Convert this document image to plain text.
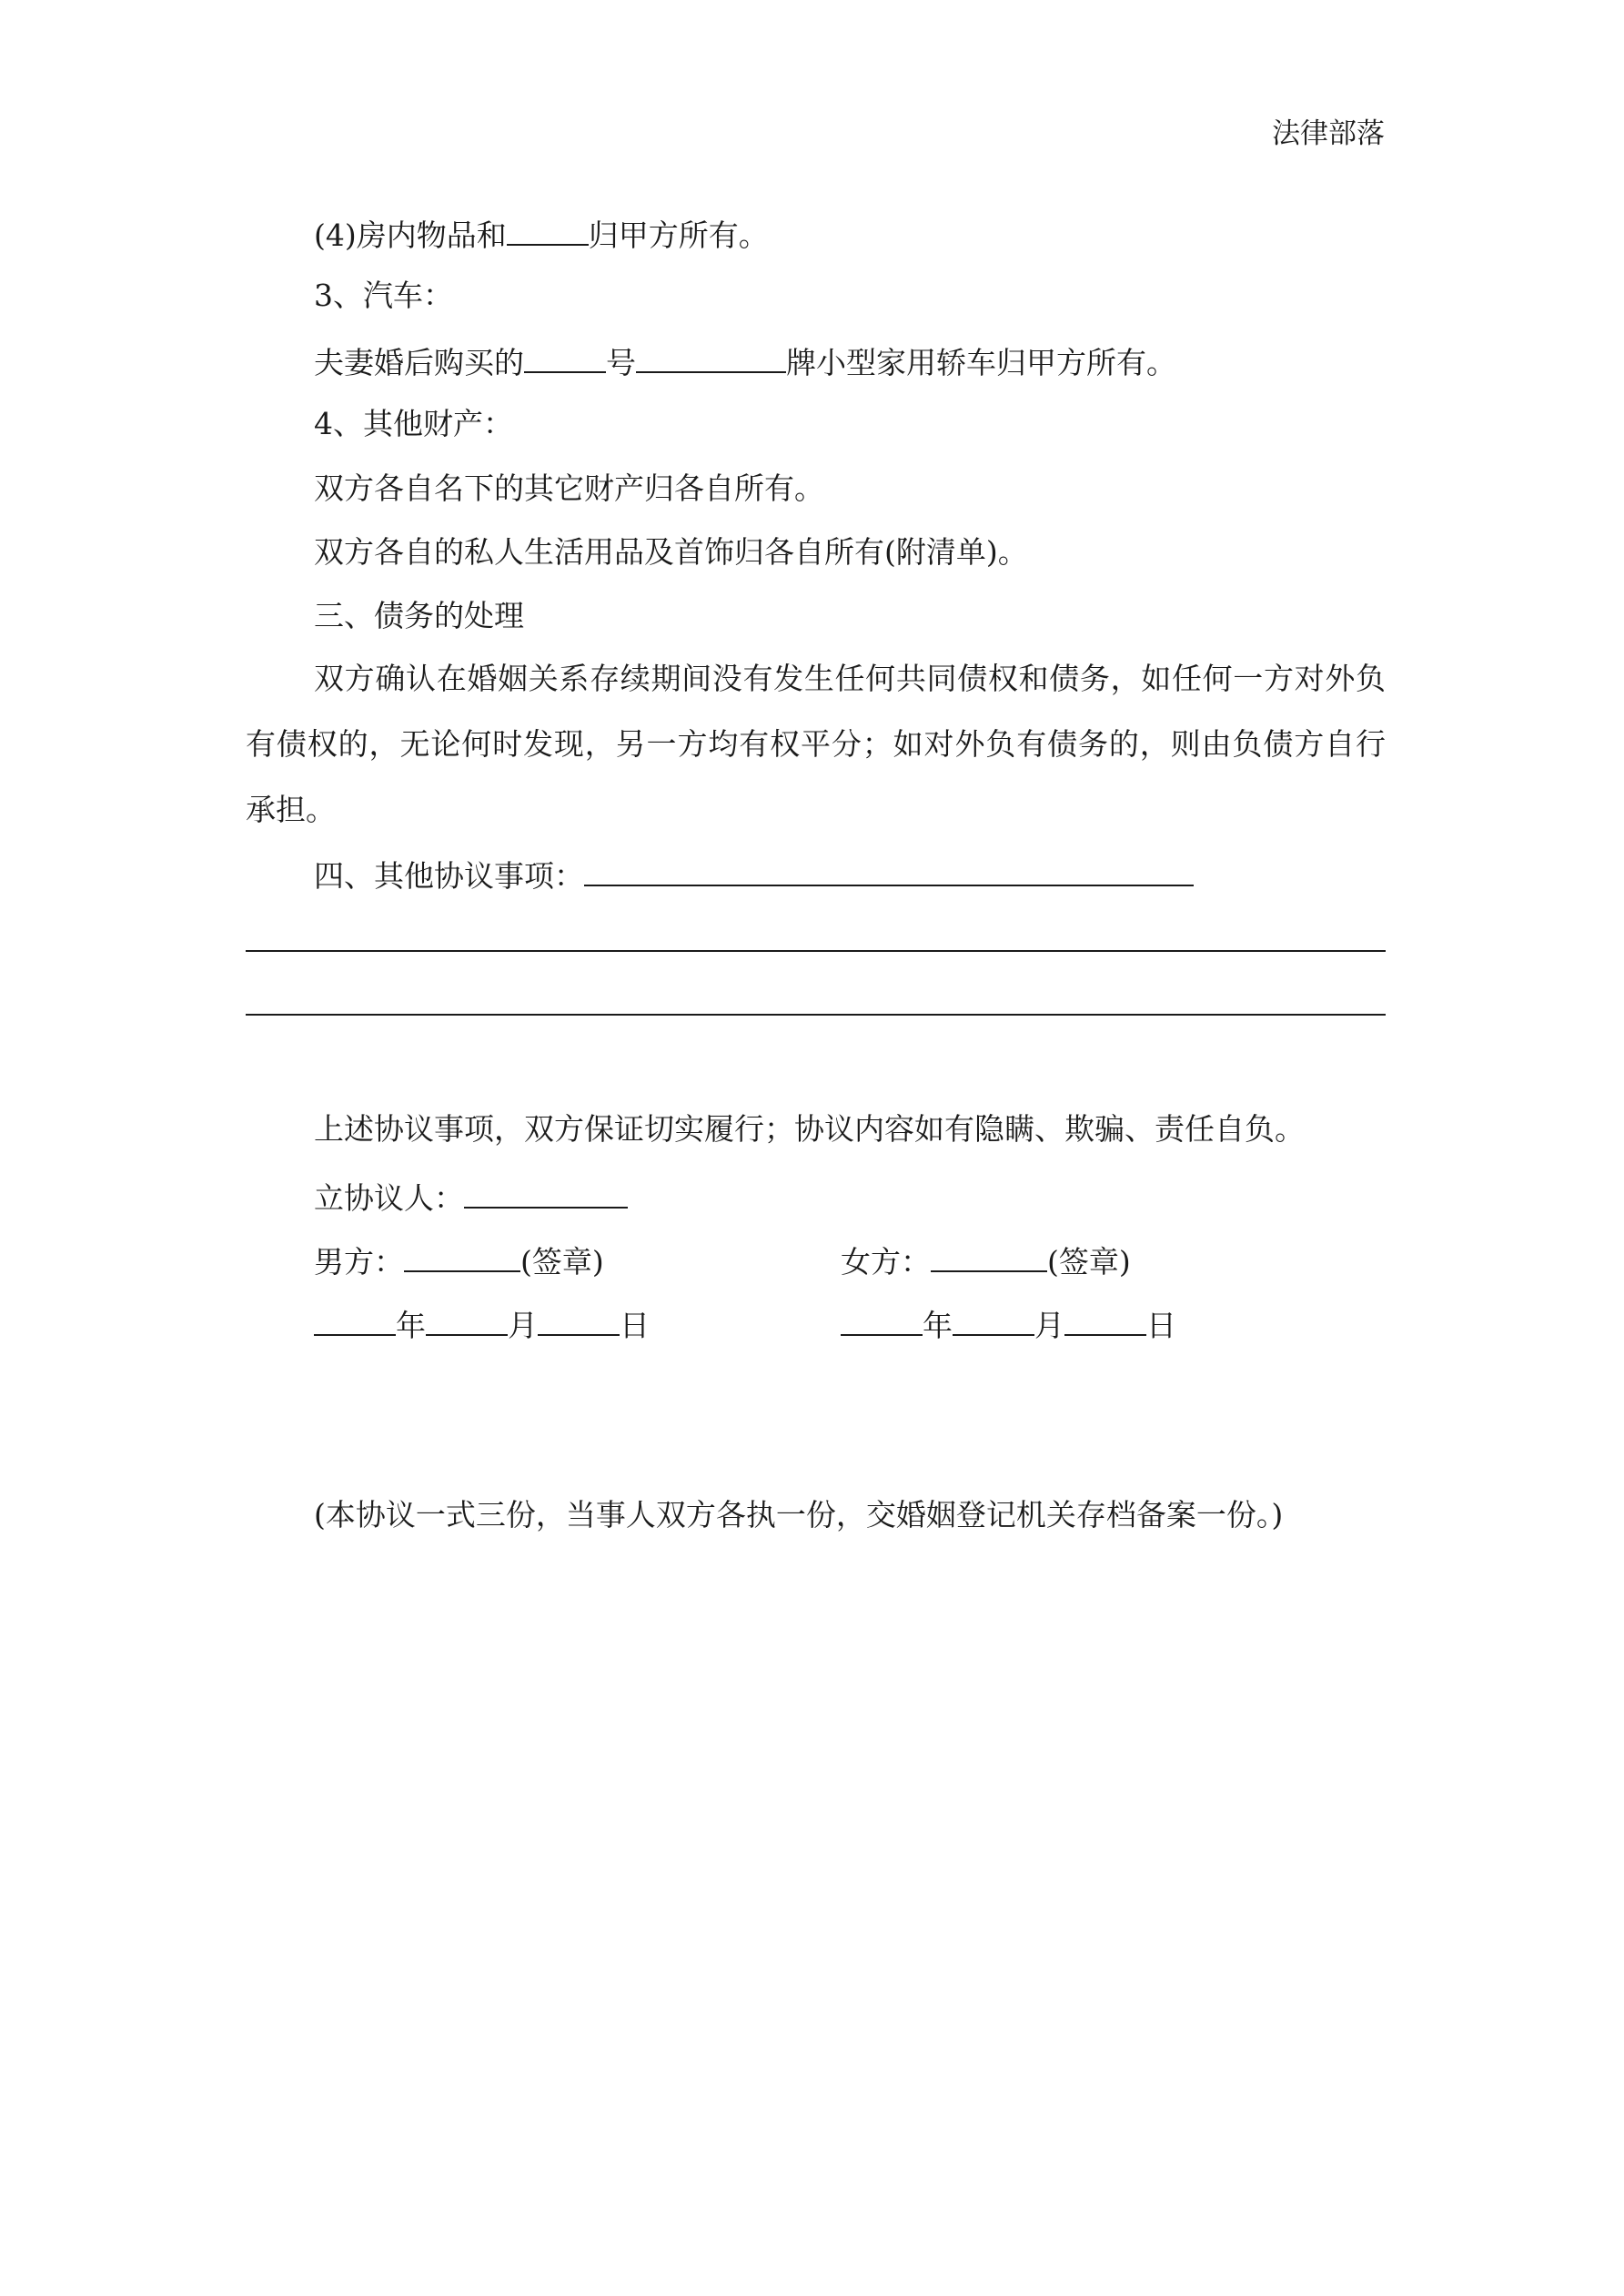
法律部落
(4)房内物品和	归甲方所有。
3、汽车：
夫妻婚后购买的	号	牌小型家用轿车归甲方所有。
4、其他财产：
双方各自名下的其它财产归各自所有。
双方各自的私人生活用品及首饰归各自所有(附清单)。
三、债务的处理
双方确认在婚姻关系存续期间没有发生任何共同债权和债务，如任何一方对外负有债权的，无论何时发现，另一方均有权平分；如对外负有债务的，则由负债方自行承担。
四、其他协议事项：
上述协议事项，双方保证切实履行；协议内容如有隐瞒、欺骗、责任自负。
立协议人：
男方：	(签章)	女方：	(签章)
年	月	日	年	月	日
(本协议一式三份，当事人双方各执一份，交婚姻登记机关存档备案一份。)
